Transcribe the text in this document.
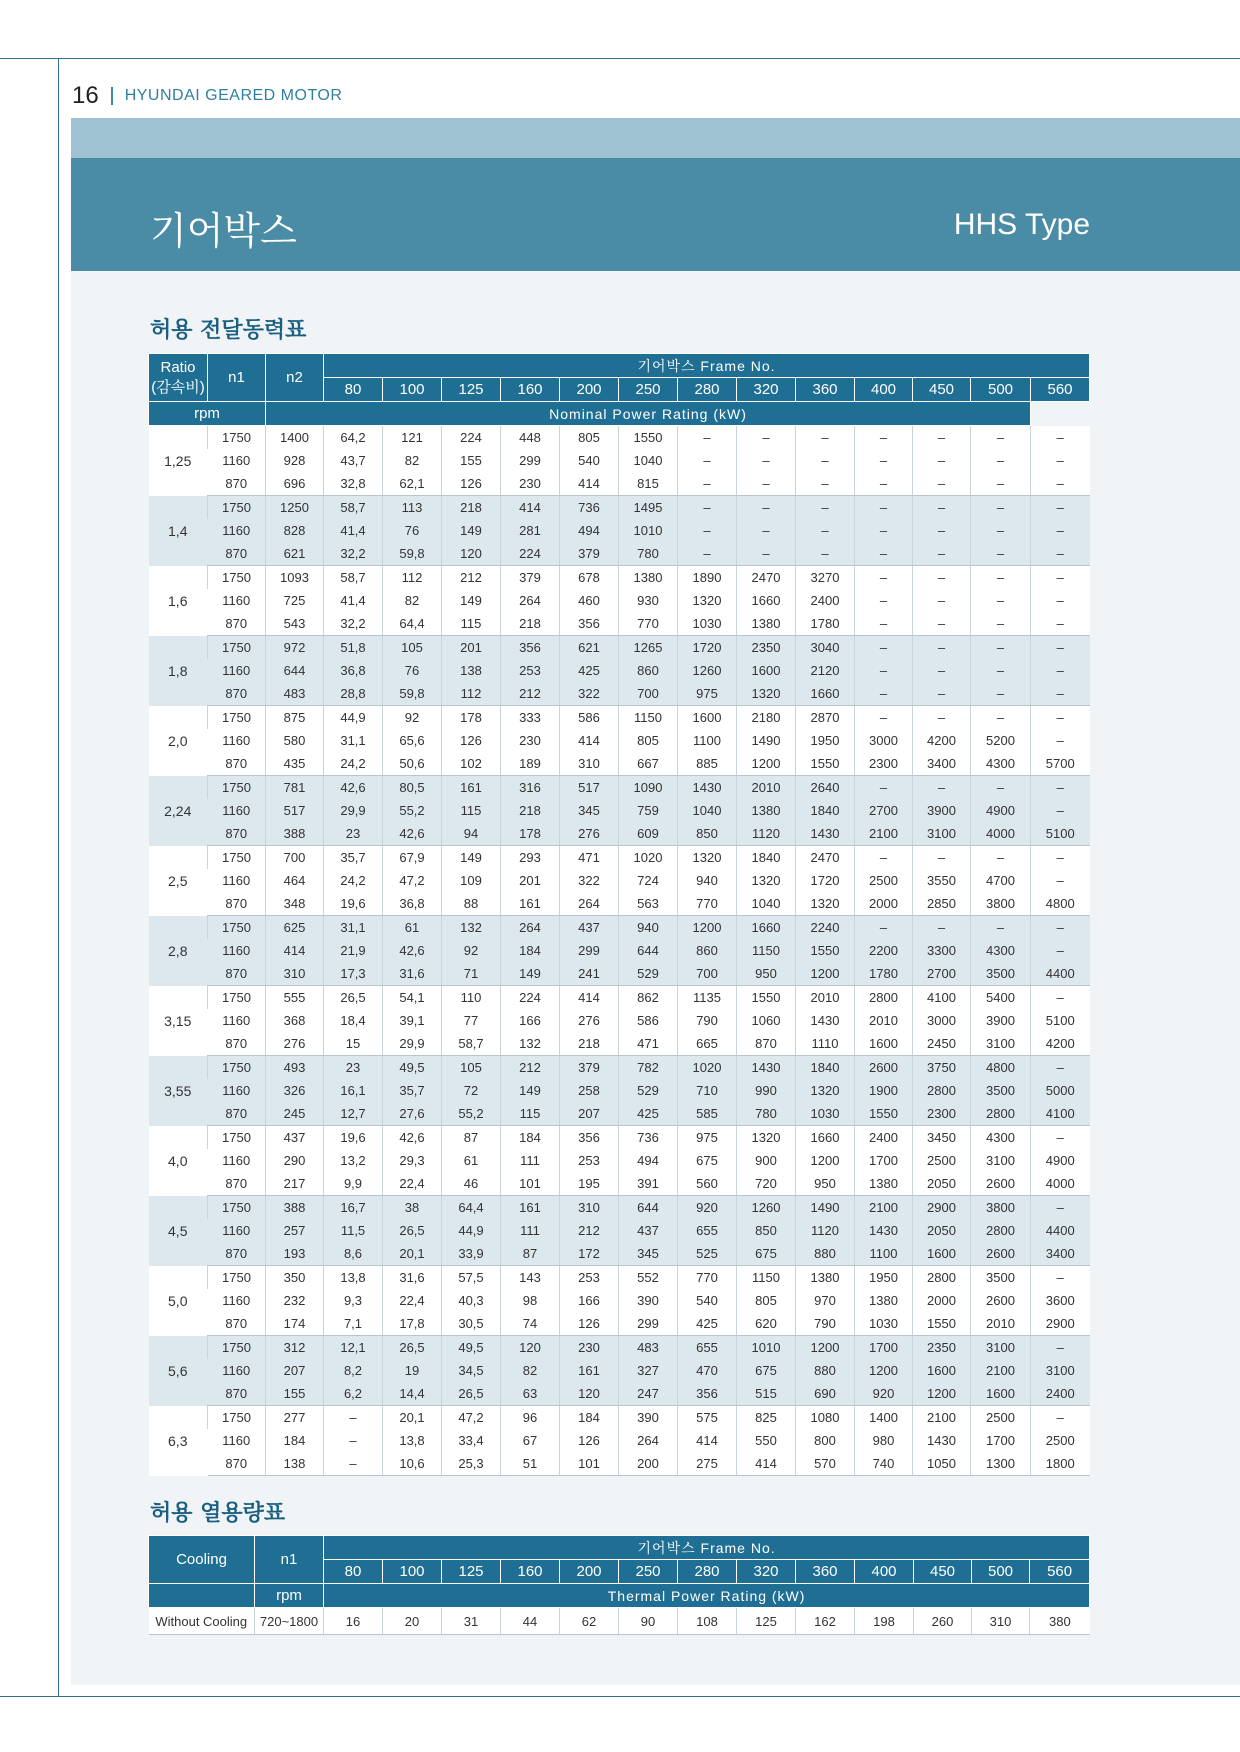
16 HYUNDAI GEARED MOTOR
기어박스	HHS Type
허용 전달동력표
Ratio
(감속비)	n1	n2	기어박스 Frame No.												
			80	100	125	160	200	250	280	320	360	400	450	500	560
rpm		Nominal Power Rating (kW)													
1,25	1750	1400	64,2	121	224	448	805	1550	–	–	–	–	–	–	–
	1160	928	43,7	82	155	299	540	1040	–	–	–	–	–	–	–
	870	696	32,8	62,1	126	230	414	815	–	–	–	–	–	–	–
1,4	1750	1250	58,7	113	218	414	736	1495	–	–	–	–	–	–	–
	1160	828	41,4	76	149	281	494	1010	–	–	–	–	–	–	–
	870	621	32,2	59,8	120	224	379	780	–	–	–	–	–	–	–
1,6	1750	1093	58,7	112	212	379	678	1380	1890	2470	3270	–	–	–	–
	1160	725	41,4	82	149	264	460	930	1320	1660	2400	–	–	–	–
	870	543	32,2	64,4	115	218	356	770	1030	1380	1780	–	–	–	–
1,8	1750	972	51,8	105	201	356	621	1265	1720	2350	3040	–	–	–	–
	1160	644	36,8	76	138	253	425	860	1260	1600	2120	–	–	–	–
	870	483	28,8	59,8	112	212	322	700	975	1320	1660	–	–	–	–
2,0	1750	875	44,9	92	178	333	586	1150	1600	2180	2870	–	–	–	–
	1160	580	31,1	65,6	126	230	414	805	1100	1490	1950	3000	4200	5200	–
	870	435	24,2	50,6	102	189	310	667	885	1200	1550	2300	3400	4300	5700
2,24	1750	781	42,6	80,5	161	316	517	1090	1430	2010	2640	–	–	–	–
	1160	517	29,9	55,2	115	218	345	759	1040	1380	1840	2700	3900	4900	–
	870	388	23	42,6	94	178	276	609	850	1120	1430	2100	3100	4000	5100
2,5	1750	700	35,7	67,9	149	293	471	1020	1320	1840	2470	–	–	–	–
	1160	464	24,2	47,2	109	201	322	724	940	1320	1720	2500	3550	4700	–
	870	348	19,6	36,8	88	161	264	563	770	1040	1320	2000	2850	3800	4800
2,8	1750	625	31,1	61	132	264	437	940	1200	1660	2240	–	–	–	–
	1160	414	21,9	42,6	92	184	299	644	860	1150	1550	2200	3300	4300	–
	870	310	17,3	31,6	71	149	241	529	700	950	1200	1780	2700	3500	4400
3,15	1750	555	26,5	54,1	110	224	414	862	1135	1550	2010	2800	4100	5400	–
	1160	368	18,4	39,1	77	166	276	586	790	1060	1430	2010	3000	3900	5100
	870	276	15	29,9	58,7	132	218	471	665	870	1110	1600	2450	3100	4200
3,55	1750	493	23	49,5	105	212	379	782	1020	1430	1840	2600	3750	4800	–
	1160	326	16,1	35,7	72	149	258	529	710	990	1320	1900	2800	3500	5000
	870	245	12,7	27,6	55,2	115	207	425	585	780	1030	1550	2300	2800	4100
4,0	1750	437	19,6	42,6	87	184	356	736	975	1320	1660	2400	3450	4300	–
	1160	290	13,2	29,3	61	111	253	494	675	900	1200	1700	2500	3100	4900
	870	217	9,9	22,4	46	101	195	391	560	720	950	1380	2050	2600	4000
4,5	1750	388	16,7	38	64,4	161	310	644	920	1260	1490	2100	2900	3800	–
	1160	257	11,5	26,5	44,9	111	212	437	655	850	1120	1430	2050	2800	4400
	870	193	8,6	20,1	33,9	87	172	345	525	675	880	1100	1600	2600	3400
5,0	1750	350	13,8	31,6	57,5	143	253	552	770	1150	1380	1950	2800	3500	–
	1160	232	9,3	22,4	40,3	98	166	390	540	805	970	1380	2000	2600	3600
	870	174	7,1	17,8	30,5	74	126	299	425	620	790	1030	1550	2010	2900
5,6	1750	312	12,1	26,5	49,5	120	230	483	655	1010	1200	1700	2350	3100	–
	1160	207	8,2	19	34,5	82	161	327	470	675	880	1200	1600	2100	3100
	870	155	6,2	14,4	26,5	63	120	247	356	515	690	920	1200	1600	2400
6,3	1750	277	–	20,1	47,2	96	184	390	575	825	1080	1400	2100	2500	–
	1160	184	–	13,8	33,4	67	126	264	414	550	800	980	1430	1700	2500
	870	138	–	10,6	25,3	51	101	200	275	414	570	740	1050	1300	1800
허용 열용량표
Cooling	n1	기어박스 Frame No.												
		80	100	125	160	200	250	280	320	360	400	450	500	560
	rpm	Thermal Power Rating (kW)												
Without Cooling	720~1800	16	20	31	44	62	90	108	125	162	198	260	310	380
